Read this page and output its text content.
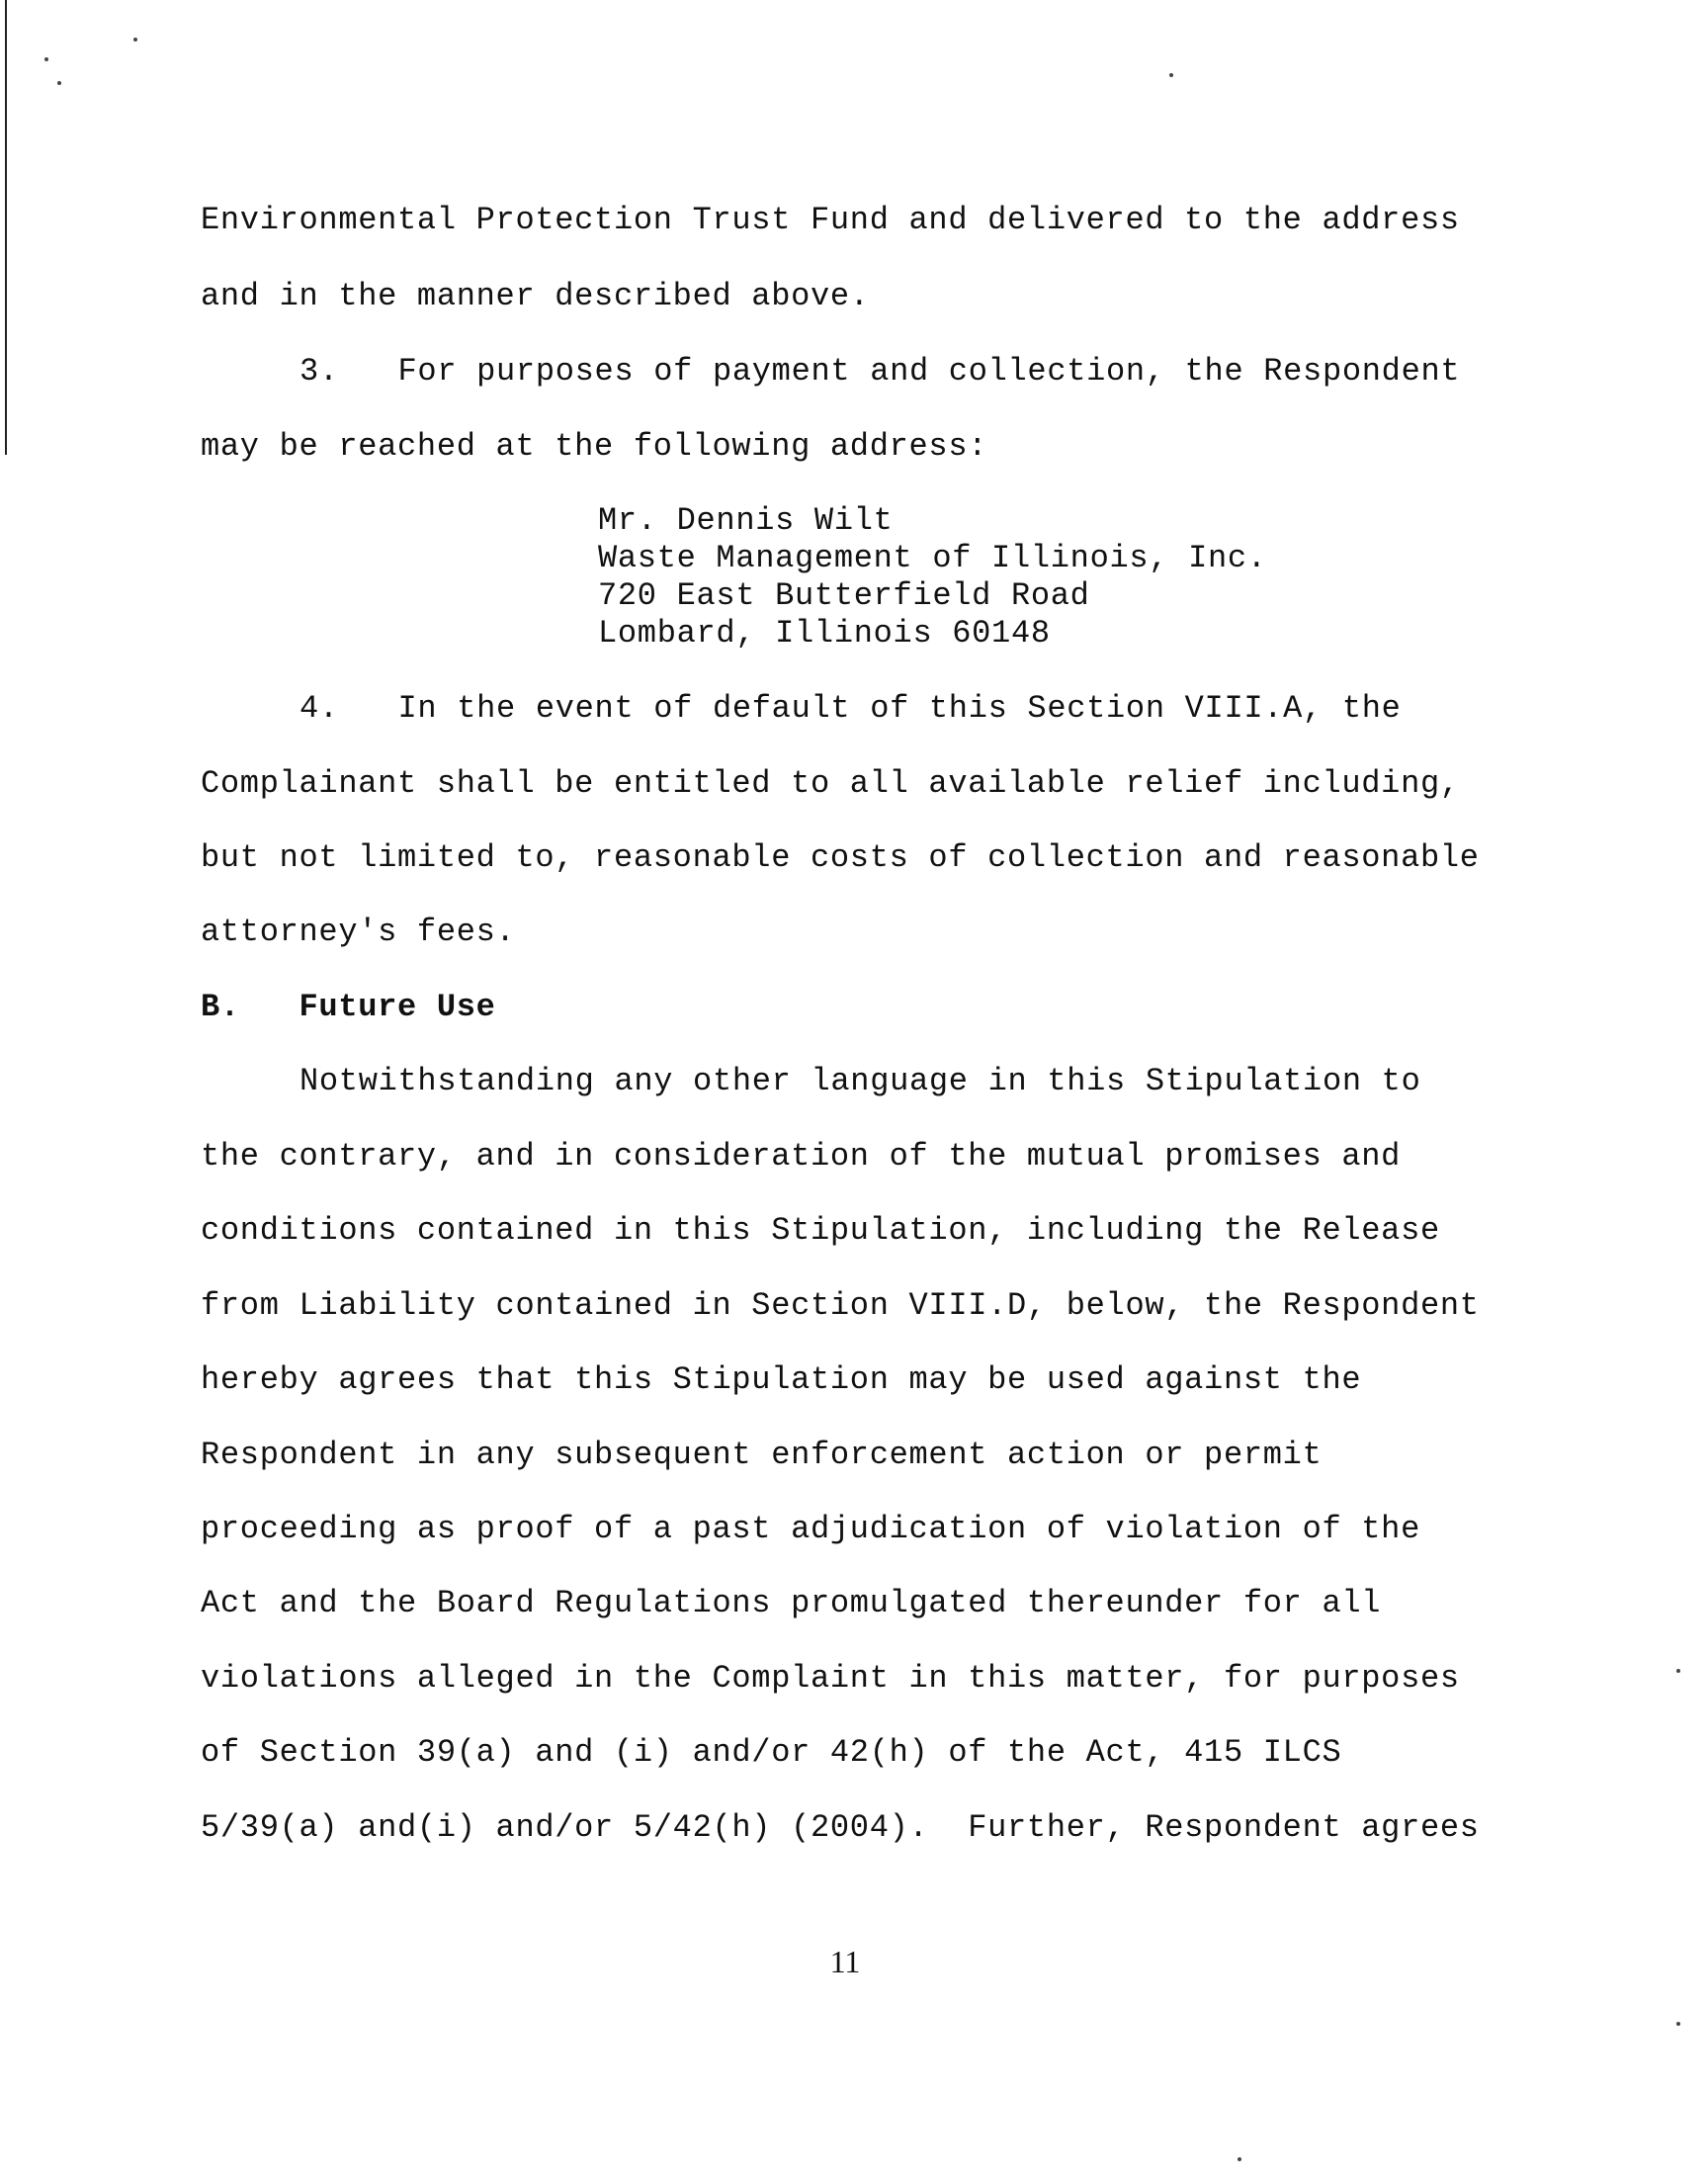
Environmental Protection Trust Fund and delivered to the address
and in the manner described above.
3.   For purposes of payment and collection, the Respondent
may be reached at the following address:
Mr. Dennis Wilt
Waste Management of Illinois, Inc.
720 East Butterfield Road
Lombard, Illinois 60148
4.   In the event of default of this Section VIII.A, the
Complainant shall be entitled to all available relief including,
but not limited to, reasonable costs of collection and reasonable
attorney's fees.
B.   Future Use
Notwithstanding any other language in this Stipulation to
the contrary, and in consideration of the mutual promises and
conditions contained in this Stipulation, including the Release
from Liability contained in Section VIII.D, below, the Respondent
hereby agrees that this Stipulation may be used against the
Respondent in any subsequent enforcement action or permit
proceeding as proof of a past adjudication of violation of the
Act and the Board Regulations promulgated thereunder for all
violations alleged in the Complaint in this matter, for purposes
of Section 39(a) and (i) and/or 42(h) of the Act, 415 ILCS
5/39(a) and(i) and/or 5/42(h) (2004).  Further, Respondent agrees
11
